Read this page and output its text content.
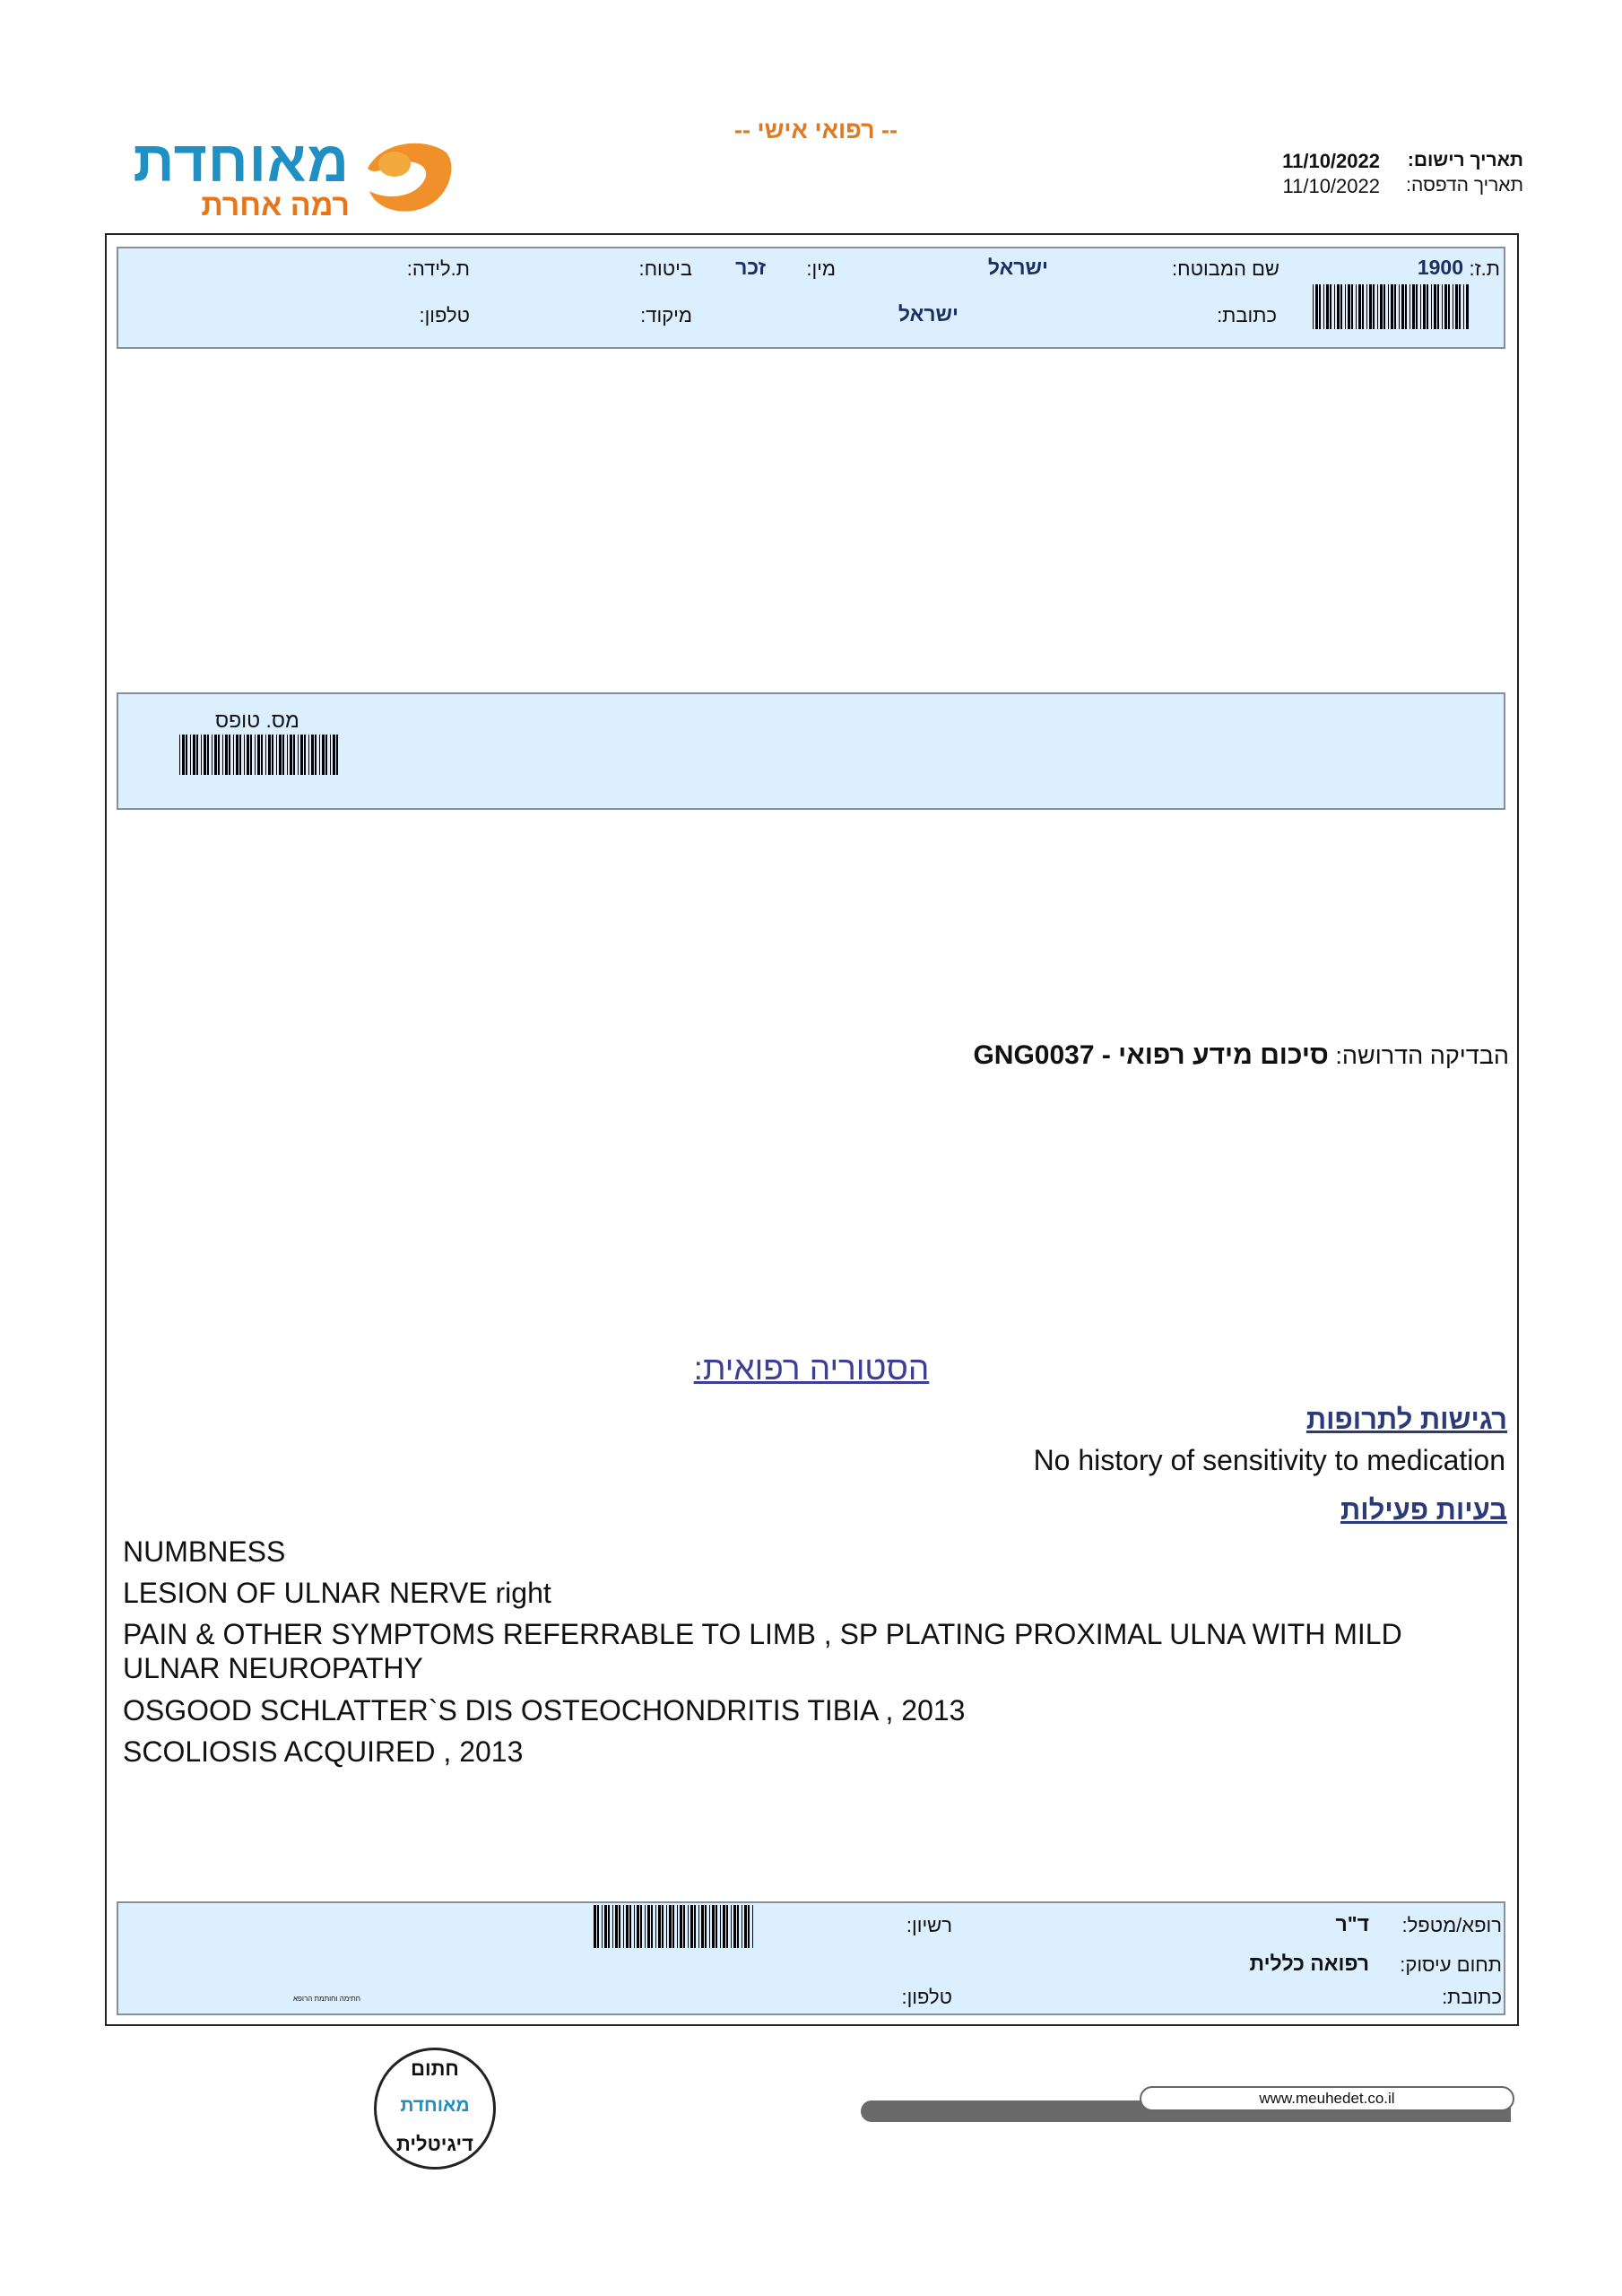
מאוחדת
רמה אחרת
-- רפואי אישי --
תאריך רישום:
11/10/2022
תאריך הדפסה:
11/10/2022
ת.ז:
1900
שם המבוטח:
ישראל
מין:
זכר
ביטוח:
ת.לידה:
כתובת:
ישראל
מיקוד:
טלפון:
מס. טופס
הבדיקה הדרושה: סיכום מידע רפואי - GNG0037
הסטוריה רפואית:
רגישות לתרופות
No history of sensitivity to medication
בעיות פעילות
NUMBNESS
LESION OF ULNAR NERVE right
PAIN & OTHER SYMPTOMS REFERRABLE TO LIMB , SP PLATING PROXIMAL ULNA WITH MILD ULNAR NEUROPATHY
OSGOOD SCHLATTER`S DIS OSTEOCHONDRITIS TIBIA , 2013
SCOLIOSIS ACQUIRED , 2013
רופא/מטפל:
ד"ר
רשיון:
תחום עיסוק:
רפואה כללית
כתובת:
טלפון:
חתימה וחותמת הרופא
חתום
מאוחדת
דיגיטלית
www.meuhedet.co.il
